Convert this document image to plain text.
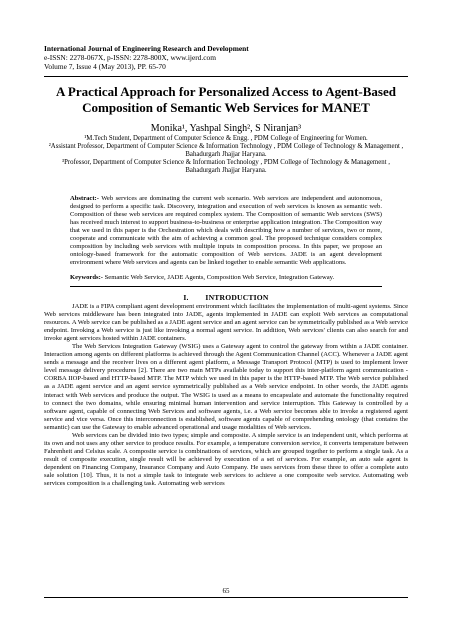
International Journal of Engineering Research and Development
e-ISSN: 2278-067X, p-ISSN: 2278-800X, www.ijerd.com
Volume 7, Issue 4 (May 2013), PP. 65-70
A Practical Approach for Personalized Access to Agent-Based Composition of Semantic Web Services for MANET
Monika¹, Yashpal Singh², S Niranjan³
¹M.Tech Student, Department of Computer Science & Engg. , PDM College of Engineering for Women.
²Assistant Professor, Department of Computer Science & Information Technology , PDM College of Technology & Management , Bahadurgarh Jhajjar Haryana.
³Professor, Department of Computer Science & Information Technology , PDM College of Technology & Management , Bahadurgarh Jhajjar Haryana.
Abstract:- Web services are dominating the current web scenario. Web services are independent and autonomous, designed to perform a specific task. Discovery, integration and execution of web services is known as semantic web. Composition of these web services are required complex system. The Composition of semantic Web services (SWS) has received much interest to support business-to-business or enterprise application integration. The Composition way that we used in this paper is the Orchestration which deals with describing how a number of services, two or more, cooperate and communicate with the aim of achieving a common goal. The proposed technique considers complex composition by including web services with multiple inputs in composition process. In this paper, we propose an ontology-based framework for the automatic composition of Web services. JADE is an agent development environment where Web services and agents can be linked together to enable semantic Web applications.
Keywords:- Semantic Web Service, JADE Agents, Composition Web Service, Integration Gateway.
I.        INTRODUCTION

JADE is a FIPA compliant agent development environment which facilitates the implementation of multi-agent systems. Since Web services middleware has been integrated into JADE, agents implemented in JADE can exploit Web services as computational resources. A Web service can be published as a JADE agent service and an agent service can be symmetrically published as a Web service endpoint. Invoking a Web service is just like invoking a normal agent service. In addition, Web services' clients can also search for and invoke agent services hosted within JADE containers.

The Web Services Integration Gateway (WSIG) uses a Gateway agent to control the gateway from within a JADE container. Interaction among agents on different platforms is achieved through the Agent Communication Channel (ACC). Whenever a JADE agent sends a message and the receiver lives on a different agent platform, a Message Transport Protocol (MTP) is used to implement lower level message delivery procedures [2]. There are two main MTPs available today to support this inter-platform agent communication - CORBA IIOP-based and HTTP-based MTP. The MTP which we used in this paper is the HTTP-based MTP. The Web service published as a JADE agent service and an agent service symmetrically published as a Web service endpoint. In other words, the JADE agents interact with Web services and produce the output. The WSIG is used as a means to encapsulate and automate the functionality required to connect the two domains, while ensuring minimal human intervention and service interruption. This Gateway is controlled by a software agent, capable of connecting Web Services and software agents, i.e. a Web service becomes able to invoke a registered agent service and vice versa. Once this interconnection is established, software agents capable of comprehending ontology (that contains the semantic) can use the Gateway to enable advanced operational and usage modalities of Web services.

Web services can be divided into two types; simple and composite. A simple service is an independent unit, which performs at its own and not uses any other service to produce results. For example, a temperature conversion service, it converts temperature between Fahrenheit and Celsius scale. A composite service is combinations of services, which are grouped together to perform a single task. As a result of composite execution, single result will be achieved by execution of a set of services. For example, an auto sale agent is dependent on Financing Company, Insurance Company and Auto Company. He uses services from these three to offer a complete auto sale solution [10]. Thus, it is not a simple task to integrate web services to achieve a one composite web service. Automating web services composition is a challenging task. Automating web services

65
